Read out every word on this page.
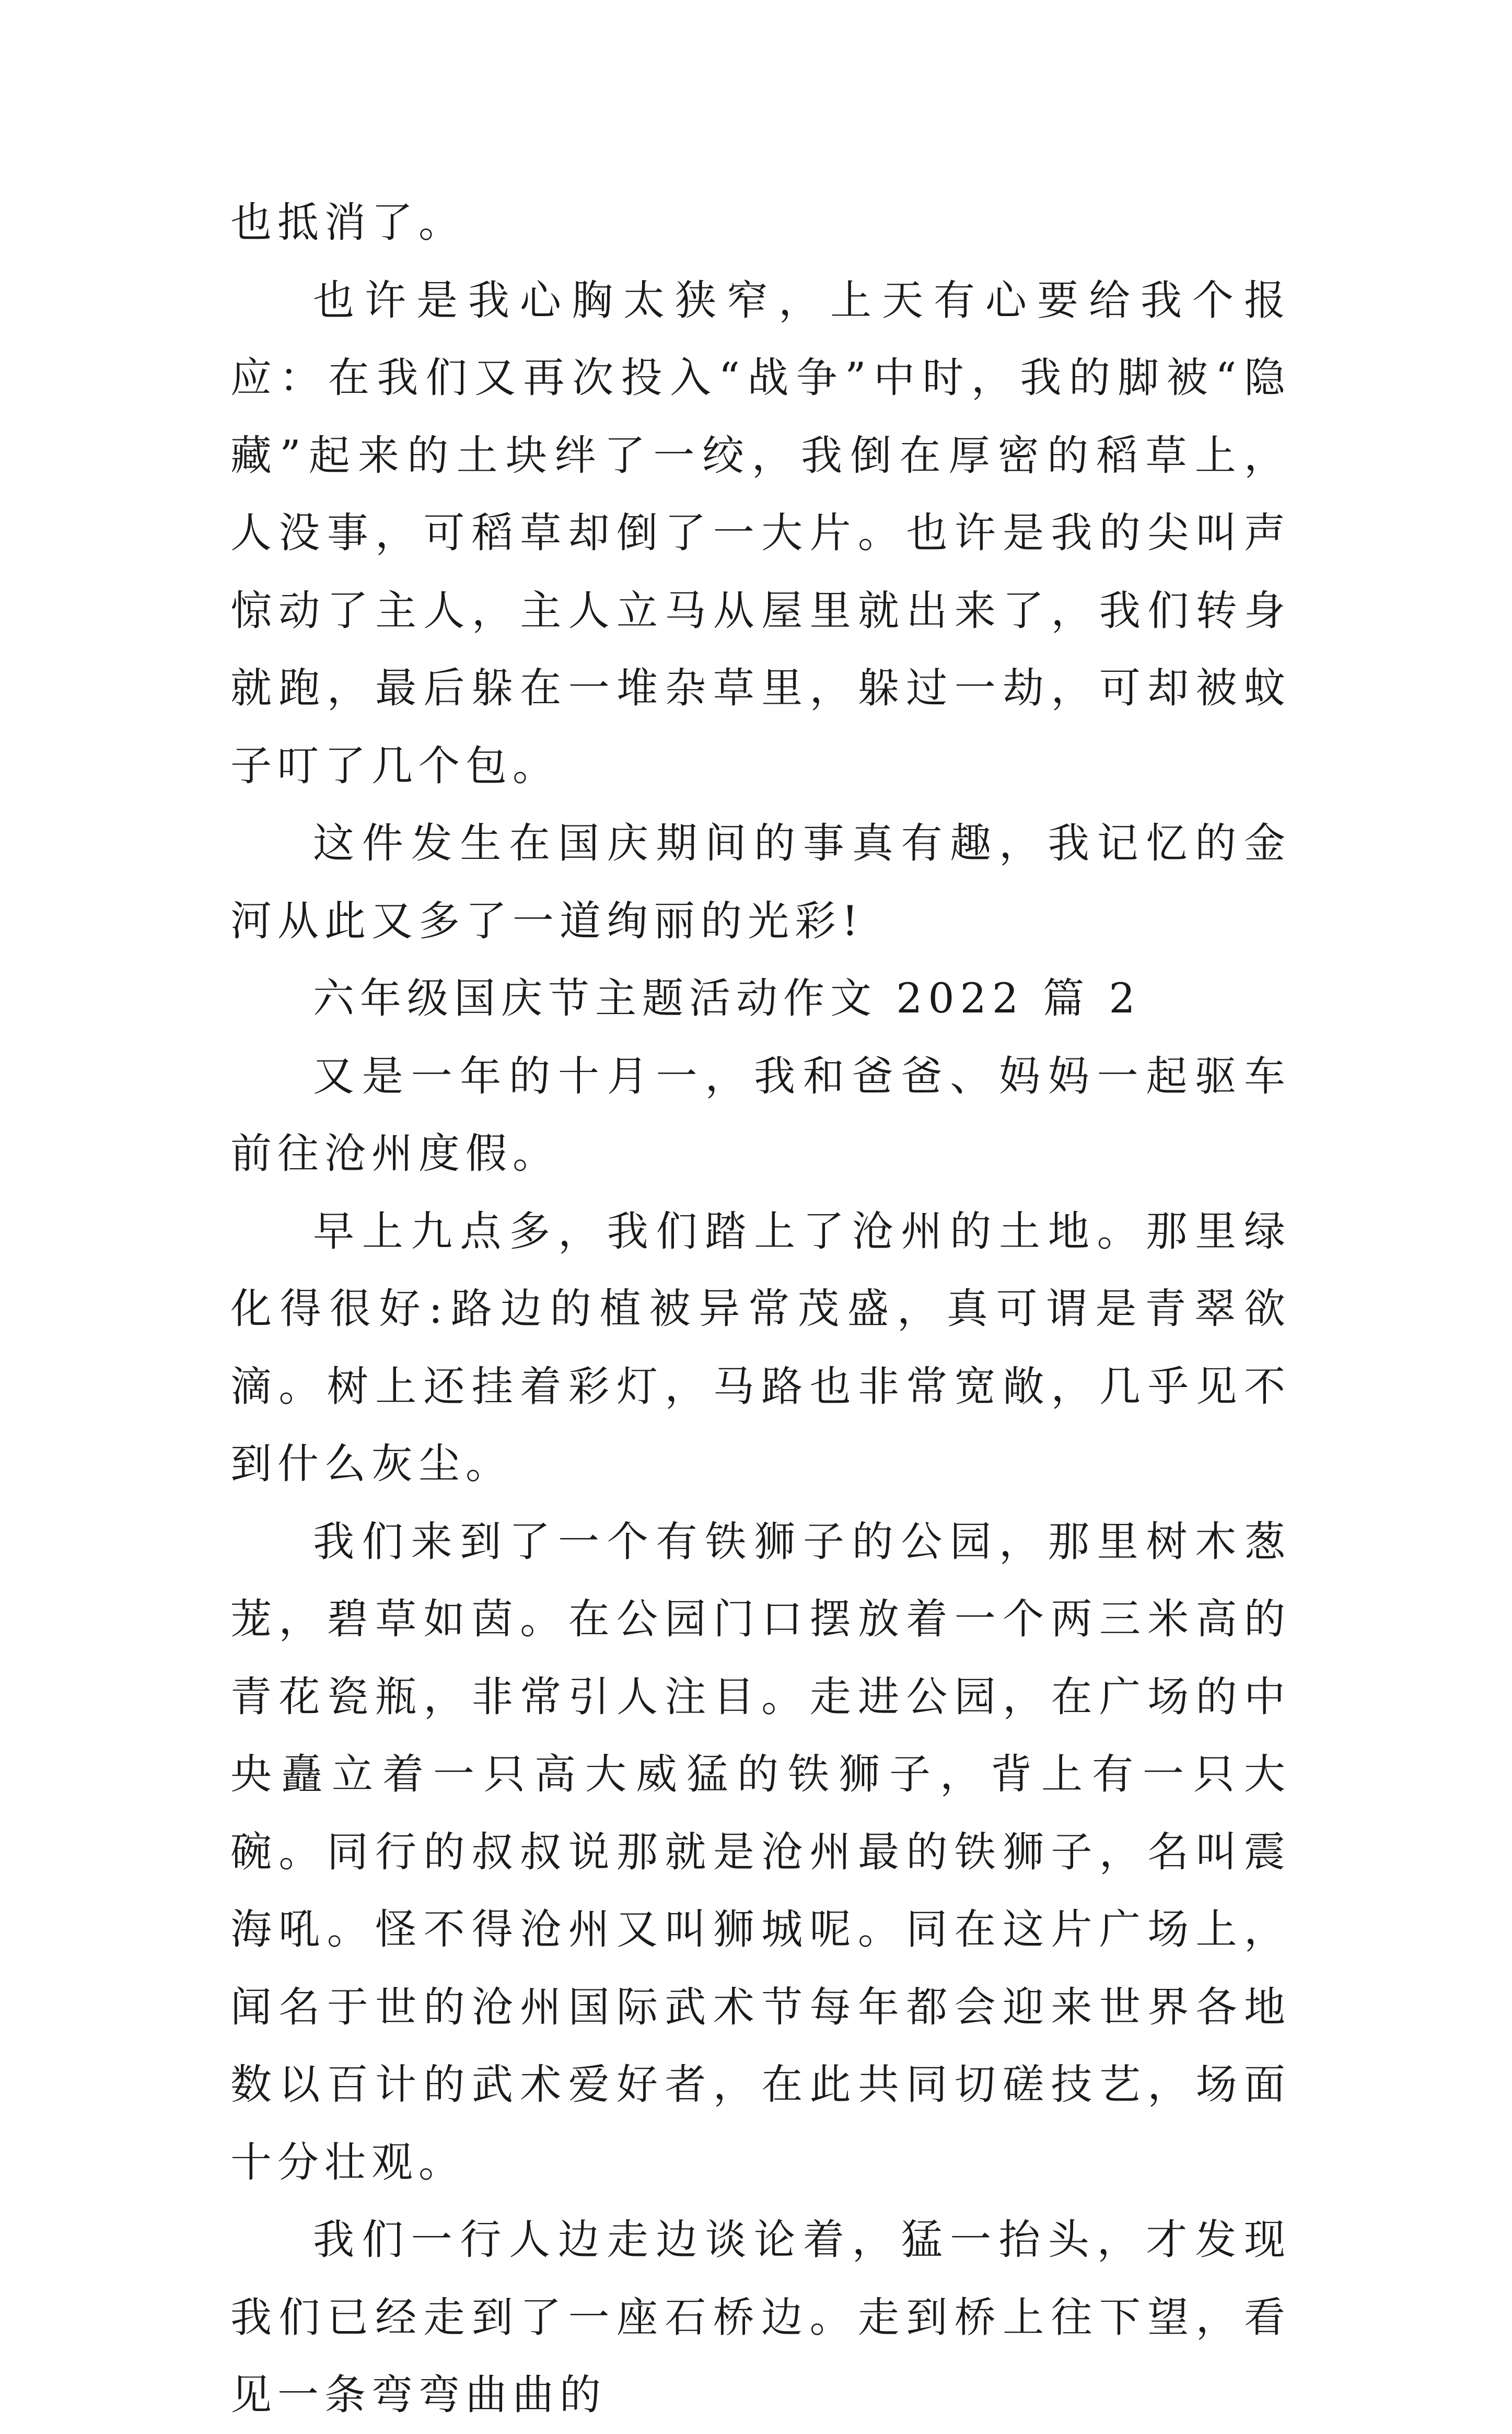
也抵消了。

也许是我心胸太狭窄，上天有心要给我个报应：在我们又再次投入“战争”中时，我的脚被“隐藏”起来的土块绊了一绞，我倒在厚密的稻草上，人没事，可稻草却倒了一大片。也许是我的尖叫声惊动了主人，主人立马从屋里就出来了，我们转身就跑，最后躲在一堆杂草里，躲过一劫，可却被蚊子叮了几个包。

这件发生在国庆期间的事真有趣，我记忆的金河从此又多了一道绚丽的光彩!

六年级国庆节主题活动作文 2022 篇 2

又是一年的十月一，我和爸爸、妈妈一起驱车前往沧州度假。

早上九点多，我们踏上了沧州的土地。那里绿化得很好:路边的植被异常茂盛，真可谓是青翠欲滴。树上还挂着彩灯，马路也非常宽敞，几乎见不到什么灰尘。

我们来到了一个有铁狮子的公园，那里树木葱茏，碧草如茵。在公园门口摆放着一个两三米高的青花瓷瓶，非常引人注目。走进公园，在广场的中央矗立着一只高大威猛的铁狮子，背上有一只大碗。同行的叔叔说那就是沧州最的铁狮子，名叫震海吼。怪不得沧州又叫狮城呢。同在这片广场上，闻名于世的沧州国际武术节每年都会迎来世界各地数以百计的武术爱好者，在此共同切磋技艺，场面十分壮观。

我们一行人边走边谈论着，猛一抬头，才发现我们已经走到了一座石桥边。走到桥上往下望，看见一条弯弯曲曲的
